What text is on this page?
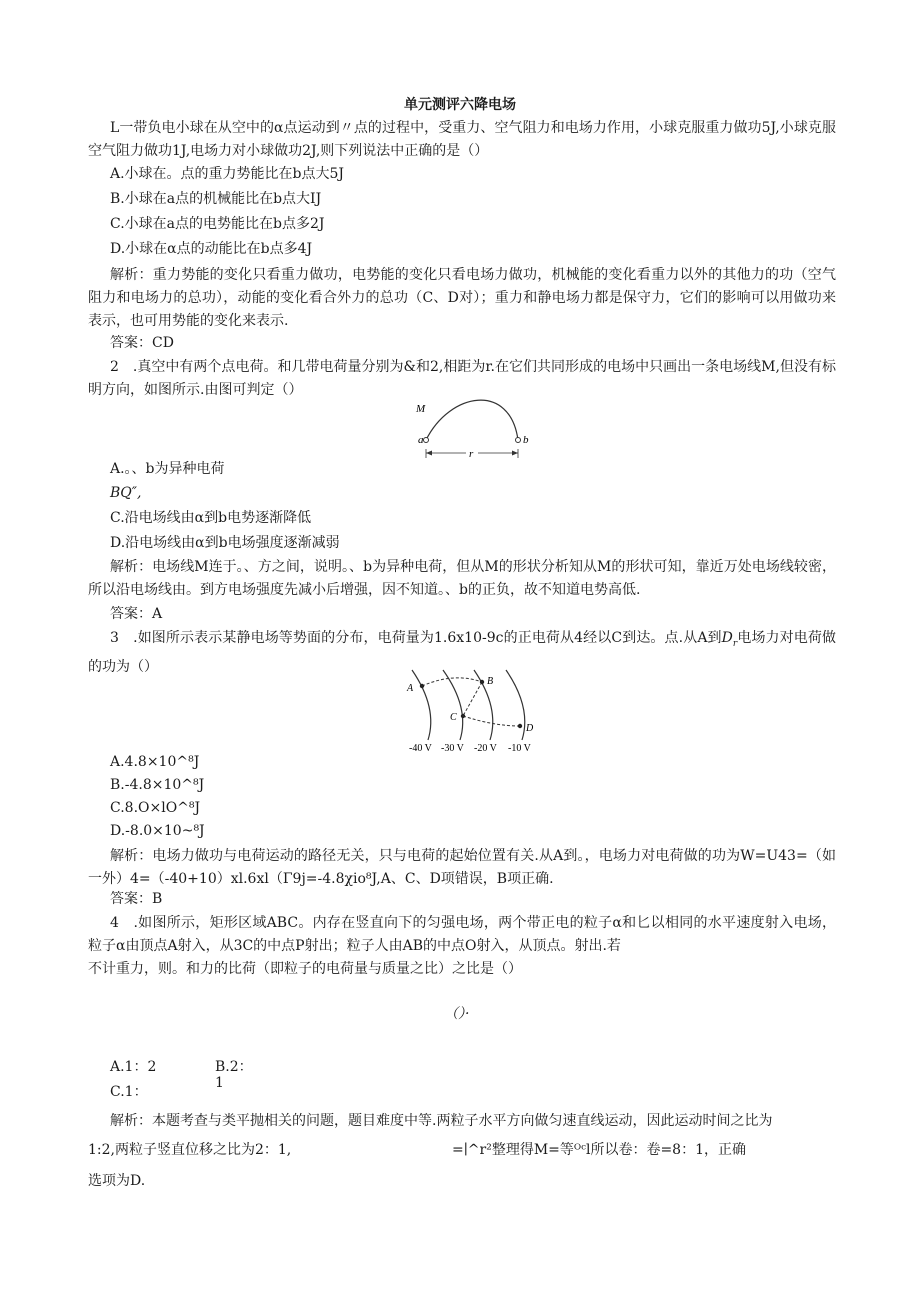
单元测评六降电场
L一带负电小球在从空中的α点运动到〃点的过程中，受重力、空气阻力和电场力作用，小球克服重力做功5J,小球克服空气阻力做功1J,电场力对小球做功2J,则下列说法中正确的是（）
A.小球在。点的重力势能比在b点大5J
B.小球在a点的机械能比在b点大IJ
C.小球在a点的电势能比在b点多2J
D.小球在α点的动能比在b点多4J
解析：重力势能的变化只看重力做功，电势能的变化只看电场力做功，机械能的变化看重力以外的其他力的功（空气阻力和电场力的总功），动能的变化看合外力的总功（C、D对）；重力和静电场力都是保守力，它们的影响可以用做功来表示，也可用势能的变化来表示.
答案：CD
2　.真空中有两个点电荷。和几带电荷量分别为&和2,相距为r.在它们共同形成的电场中只画出一条电场线M,但没有标明方向，如图所示.由图可判定（）
a	b
M
r
A.。、b为异种电荷
BQ″,
C.沿电场线由α到b电势逐渐降低
D.沿电场线由α到b电场强度逐渐减弱
解析：电场线M连于。、方之间，说明。、b为异种电荷，但从M的形状分析知从M的形状可知，靠近万处电场线较密，所以沿电场线由。到方电场强度先减小后增强，因不知道。、b的正负，故不知道电势高低.
答案：A
3　.如图所示表示某静电场等势面的分布，电荷量为1.6x10-9c的正电荷从4经以C到达。点.从A到$D_r$电场力对电荷做的功为（）
A
B
C
D
-40 V -30 V -20 V -10 V
A.4.8×10^⁸J
B.-4.8×10^⁸J
C.8.O×lO^⁸J
D.-8.0×10~⁸J
解析：电场力做功与电荷运动的路径无关，只与电荷的起始位置有关.从A到。，电场力对电荷做的功为W=U43=（如一外）4=（-40+10）xl.6xl（Γ9j=-4.8χio⁸J,A、C、D项错误，B项正确.
答案：B
4　.如图所示，矩形区域ABC。内存在竖直向下的匀强电场，两个带正电的粒子α和匕以相同的水平速度射入电场，粒子α由顶点A射入，从3C的中点P射出；粒子人由AB的中点O射入，从顶点。射出.若
不计重力，则。和力的比荷（即粒子的电荷量与质量之比）之比是（）
（）·
A.1：2	B.2：
1
C.1：
解析：本题考查与类平抛相关的问题，题目难度中等.两粒子水平方向做匀速直线运动，因此运动时间之比为
1:2,两粒子竖直位移之比为2：1,	=∣^r²整理得M=等ᴼᶜl所以卷：卷=8：1，正确
选项为D.
